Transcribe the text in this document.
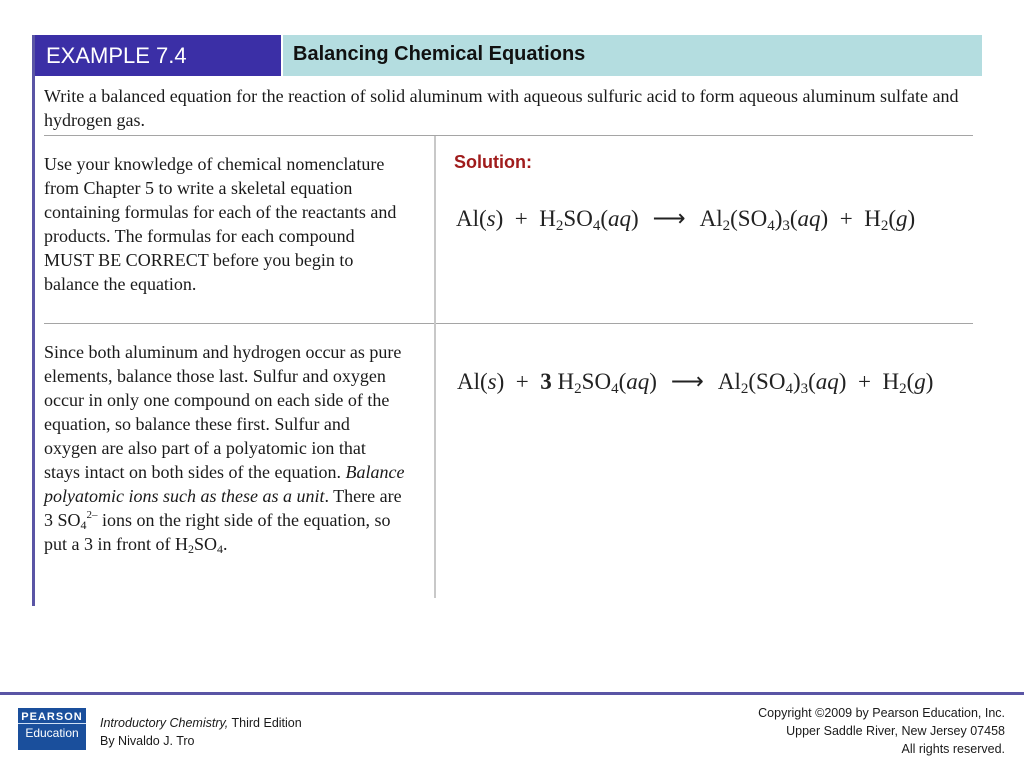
EXAMPLE 7.4	Balancing Chemical Equations
Write a balanced equation for the reaction of solid aluminum with aqueous sulfuric acid to form aqueous aluminum sulfate and hydrogen gas.
Use your knowledge of chemical nomenclature from Chapter 5 to write a skeletal equation containing formulas for each of the reactants and products. The formulas for each compound MUST BE CORRECT before you begin to balance the equation.
Since both aluminum and hydrogen occur as pure elements, balance those last. Sulfur and oxygen occur in only one compound on each side of the equation, so balance these first. Sulfur and oxygen are also part of a polyatomic ion that stays intact on both sides of the equation. Balance polyatomic ions such as these as a unit. There are 3 $SO_4^{2-}$ ions on the right side of the equation, so put a 3 in front of $H_2SO_4$.
Solution:
$Al(s) + H_2SO_4(aq)$ ⟶ $Al_2(SO_4)_3(aq) + H_2(g)$
Al(s)  + 3 $H_2SO_4(aq)$ ⟶ $Al_2(SO_4)_3(aq) + H_2(g)$
PEARSON
Education
Introductory Chemistry, Third Edition
By Nivaldo J. Tro
Copyright ©2009 by Pearson Education, Inc.
Upper Saddle River, New Jersey 07458
All rights reserved.
